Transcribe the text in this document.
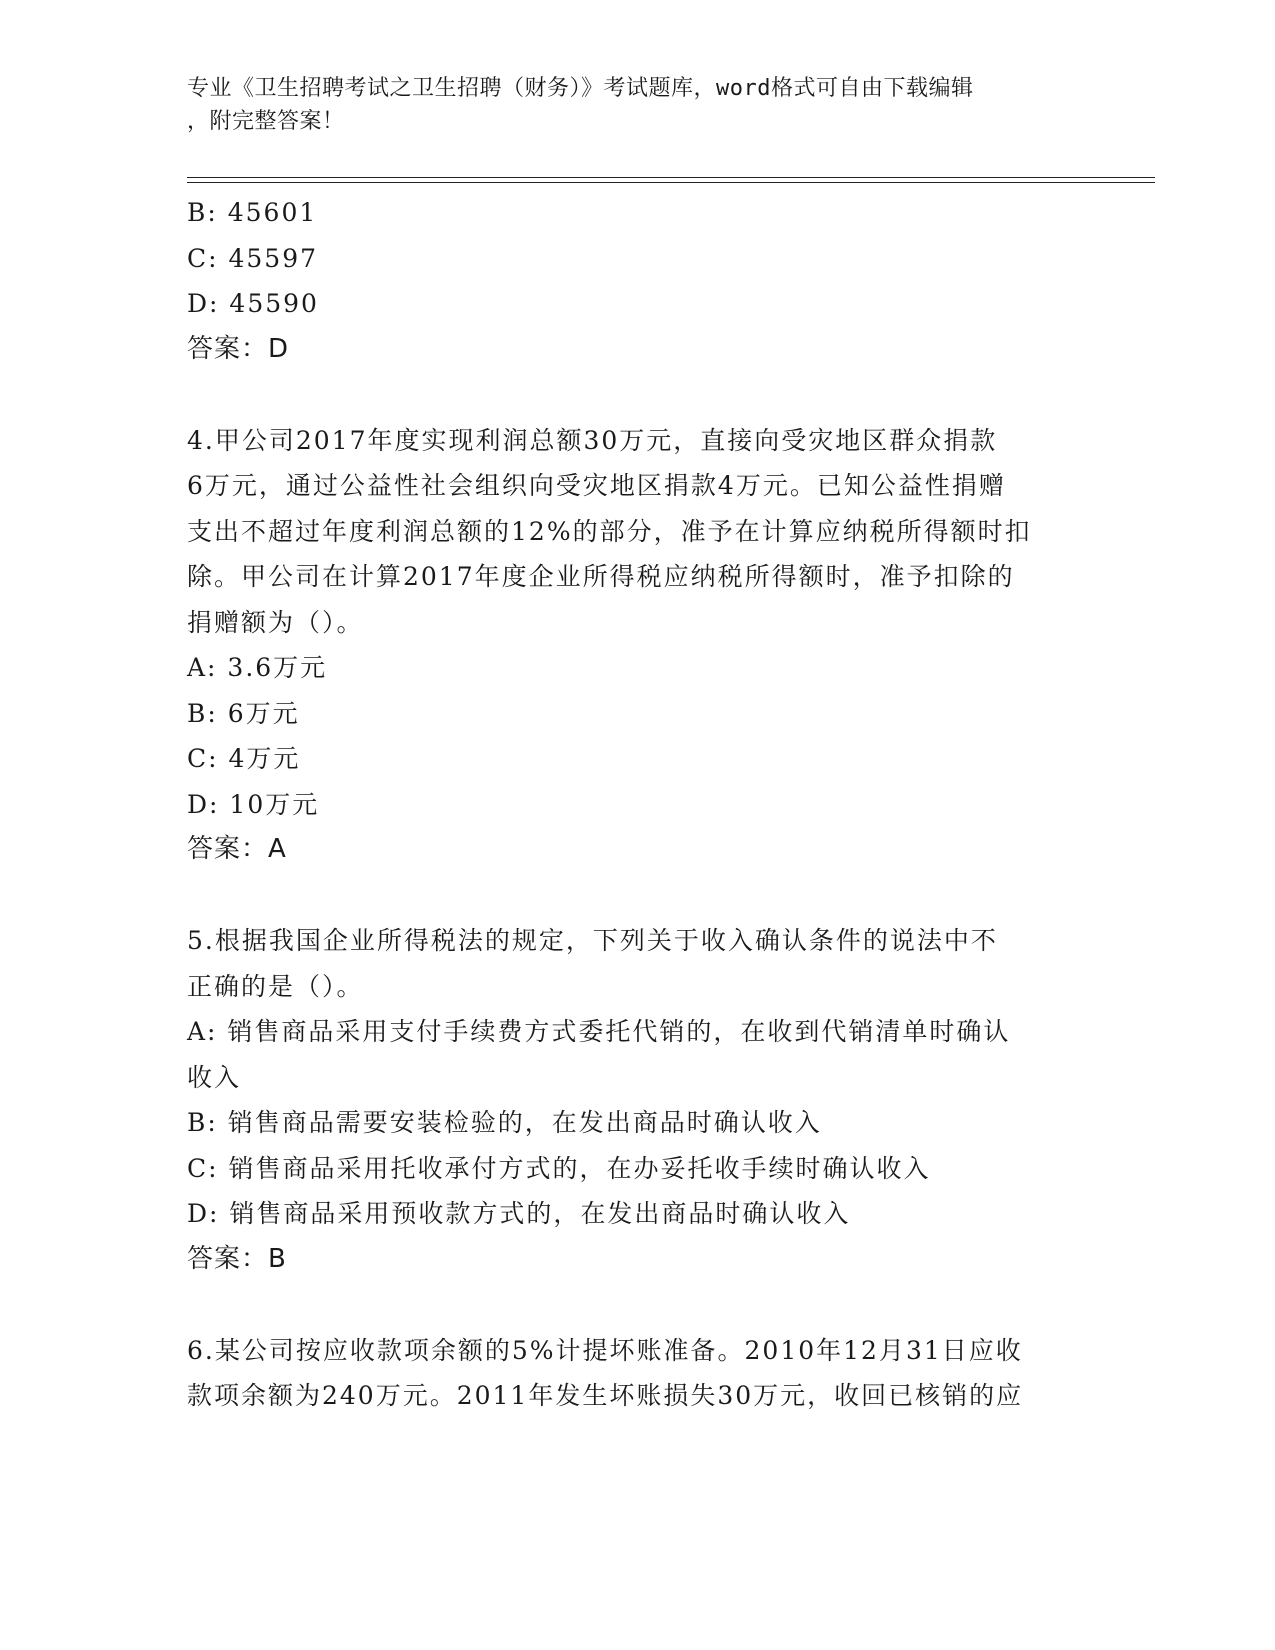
专业《卫生招聘考试之卫生招聘（财务）》考试题库，word格式可自由下载编辑
，附完整答案！
B: 45601
C: 45597
D: 45590
答案：D
4.甲公司2017年度实现利润总额30万元，直接向受灾地区群众捐款
6万元，通过公益性社会组织向受灾地区捐款4万元。已知公益性捐赠
支出不超过年度利润总额的12%的部分，准予在计算应纳税所得额时扣
除。甲公司在计算2017年度企业所得税应纳税所得额时，准予扣除的
捐赠额为（）。
A: 3.6万元
B: 6万元
C: 4万元
D: 10万元
答案：A
5.根据我国企业所得税法的规定，下列关于收入确认条件的说法中不
正确的是（）。
A: 销售商品采用支付手续费方式委托代销的，在收到代销清单时确认
收入
B: 销售商品需要安装检验的，在发出商品时确认收入
C: 销售商品采用托收承付方式的，在办妥托收手续时确认收入
D: 销售商品采用预收款方式的，在发出商品时确认收入
答案：B
6.某公司按应收款项余额的5%计提坏账准备。2010年12月31日应收
款项余额为240万元。2011年发生坏账损失30万元，收回已核销的应
